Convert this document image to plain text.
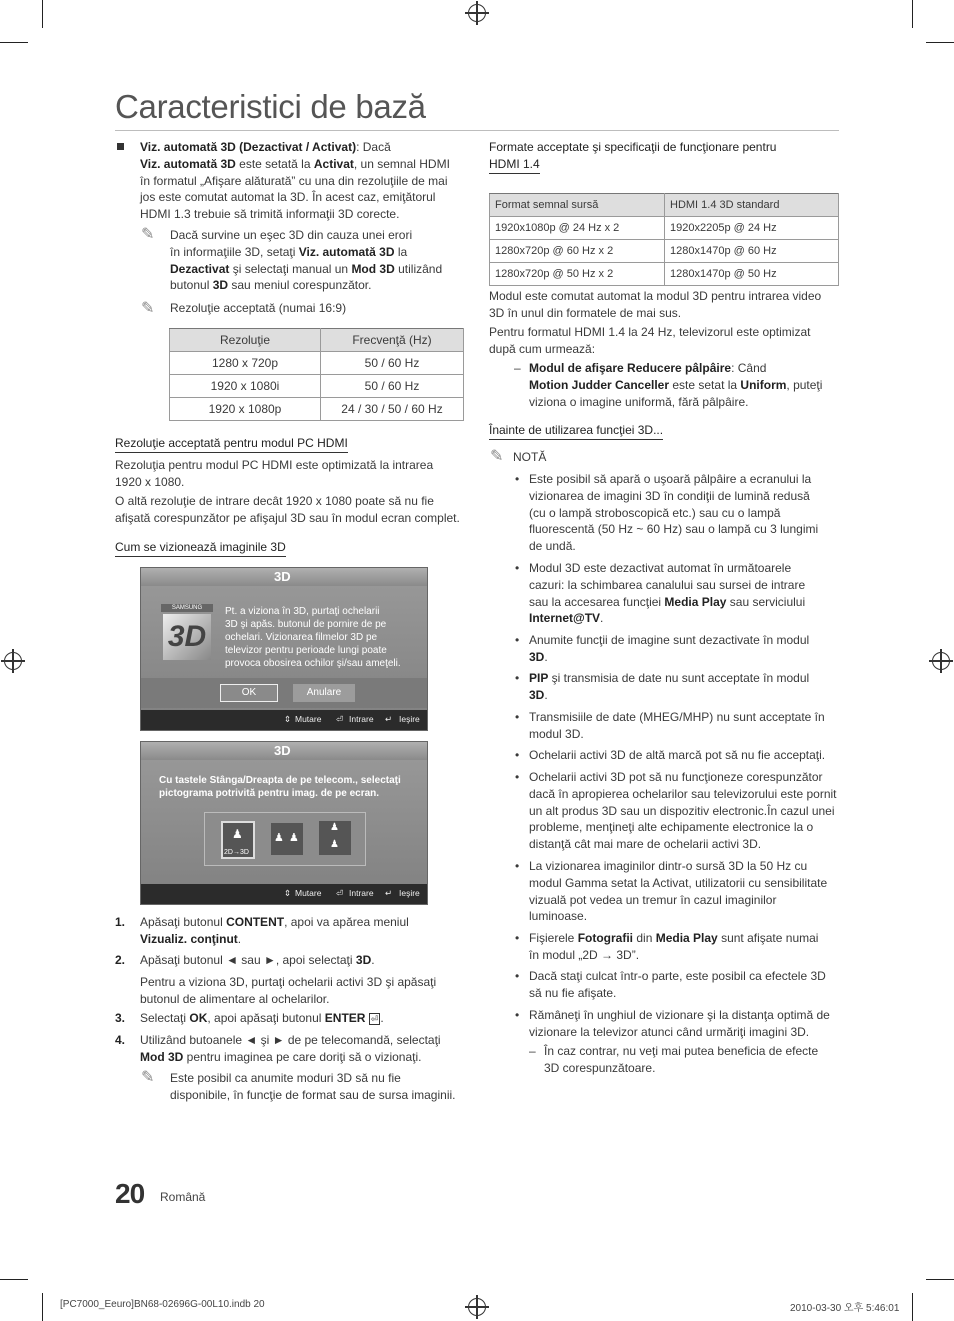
Caracteristici de bază
Viz. automată 3D (Dezactivat / Activat): Dacă
Viz. automată 3D este setată la Activat, un semnal HDMI
în formatul „Afişare alăturată” cu una din rezoluţiile de mai
jos este comutat automat la 3D. În acest caz, emiţătorul
HDMI 1.3 trebuie să trimită informaţii 3D corecte.
✎ Dacă survine un eşec 3D din cauza unei erori
în informaţiile 3D, setaţi Viz. automată 3D la
Dezactivat şi selectaţi manual un Mod 3D utilizând
butonul 3D sau meniul corespunzător.
✎ Rezoluţie acceptată (numai 16:9)
Rezoluţie	Frecvenţă (Hz)
1280 x 720p	50 / 60 Hz
1920 x 1080i	50 / 60 Hz
1920 x 1080p	24 / 30 / 50 / 60 Hz
Rezoluţie acceptată pentru modul PC HDMI
Rezoluţia pentru modul PC HDMI este optimizată la intrarea
1920 x 1080.
O altă rezoluţie de intrare decât 1920 x 1080 poate să nu fie
afişată corespunzător pe afişajul 3D sau în modul ecran complet.
Cum se vizionează imaginile 3D
3D
SAMSUNG
3D
Pt. a viziona în 3D, purtaţi ochelarii
3D şi apăs. butonul de pornire de pe
ochelari. Vizionarea filmelor 3D pe
televizor pentru perioade lungi poate
provoca obosirea ochilor şi/sau ameţeli.
OK	Anulare
⇕ Mutare ⏎ Intrare ↵ Ieşire
3D
Cu tastele Stânga/Dreapta de pe telecom., selectaţi
pictograma potrivită pentru imag. de pe ecran.
♟
2D→3D
♟ ♟
♟
♟
⇕ Mutare ⏎ Intrare ↵ Ieşire
1. Apăsaţi butonul CONTENT, apoi va apărea meniul
Vizualiz. conţinut.
2. Apăsaţi butonul ◄ sau ►, apoi selectaţi 3D.
Pentru a viziona 3D, purtaţi ochelarii activi 3D şi apăsaţi
butonul de alimentare al ochelarilor.
3. Selectaţi OK, apoi apăsaţi butonul ENTER ⏎ .
4. Utilizând butoanele ◄ şi ► de pe telecomandă, selectaţi
Mod 3D pentru imaginea pe care doriţi să o vizionaţi.
✎ Este posibil ca anumite moduri 3D să nu fie
disponibile, în funcţie de format sau de sursa imaginii.
Formate acceptate şi specificaţii de funcţionare pentru
HDMI 1.4
Format semnal sursă	HDMI 1.4 3D standard
1920x1080p @ 24 Hz x 2	1920x2205p @ 24 Hz
1280x720p @ 60 Hz x 2	1280x1470p @ 60 Hz
1280x720p @ 50 Hz x 2	1280x1470p @ 50 Hz
Modul este comutat automat la modul 3D pentru intrarea video
3D în unul din formatele de mai sus.
Pentru formatul HDMI 1.4 la 24 Hz, televizorul este optimizat
după cum urmează:
– Modul de afişare Reducere pâlpâire: Când
Motion Judder Canceller este setat la Uniform, puteţi
viziona o imagine uniformă, fără pâlpâire.
Înainte de utilizarea funcţiei 3D...
✎ NOTĂ
• Este posibil să apară o uşoară pâlpâire a ecranului la
vizionarea de imagini 3D în condiţii de lumină redusă
(cu o lampă stroboscopică etc.) sau cu o lampă
fluorescentă (50 Hz ~ 60 Hz) sau o lampă cu 3 lungimi
de undă.
• Modul 3D este dezactivat automat în următoarele
cazuri: la schimbarea canalului sau sursei de intrare
sau la accesarea funcţiei Media Play sau serviciului
Internet@TV.
• Anumite funcţii de imagine sunt dezactivate în modul
3D.
• PIP şi transmisia de date nu sunt acceptate în modul
3D.
• Transmisiile de date (MHEG/MHP) nu sunt acceptate în
modul 3D.
• Ochelarii activi 3D de altă marcă pot să nu fie acceptaţi.
• Ochelarii activi 3D pot să nu funcţioneze corespunzător
dacă în apropierea ochelarilor sau televizorului este pornit
un alt produs 3D sau un dispozitiv electronic.În cazul unei
probleme, menţineţi alte echipamente electronice la o
distanţă cât mai mare de ochelarii activi 3D.
• La vizionarea imaginilor dintr-o sursă 3D la 50 Hz cu
modul Gamma setat la Activat, utilizatorii cu sensibilitate
vizuală pot vedea un tremur în cazul imaginilor
luminoase.
• Fişierele Fotografii din Media Play sunt afişate numai
în modul „2D → 3D”.
• Dacă staţi culcat într-o parte, este posibil ca efectele 3D
să nu fie afişate.
• Rămâneţi în unghiul de vizionare şi la distanţa optimă de
vizionare la televizor atunci când urmăriţi imagini 3D.
– În caz contrar, nu veţi mai putea beneficia de efecte
3D corespunzătoare.
20 Română
[PC7000_Eeuro]BN68-02696G-00L10.indb 20	2010-03-30 오후 5:46:01
